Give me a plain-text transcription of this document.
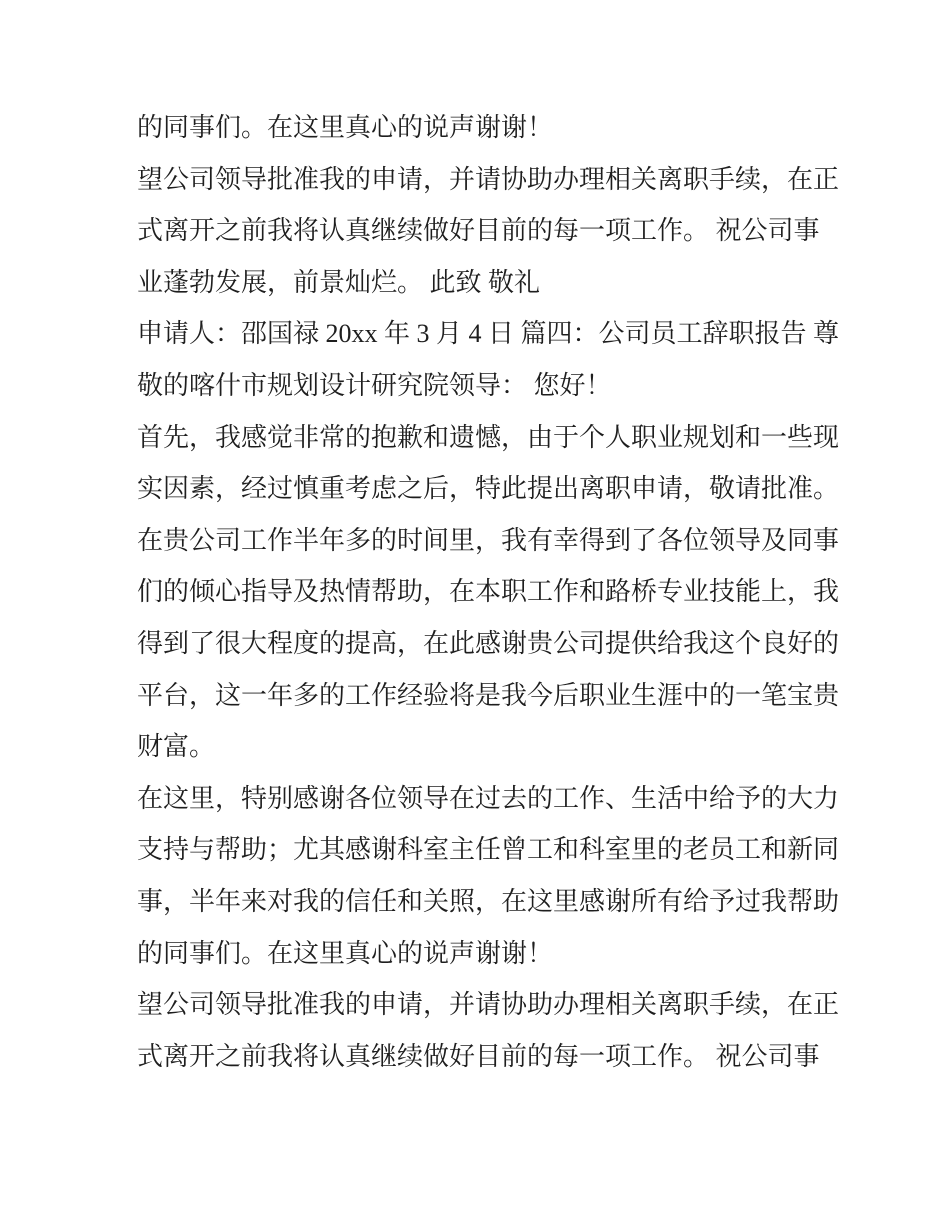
的同事们。在这里真心的说声谢谢！
望公司领导批准我的申请，并请协助办理相关离职手续，在正
式离开之前我将认真继续做好目前的每一项工作。 祝公司事
业蓬勃发展，前景灿烂。 此致 敬礼
申请人：邵国禄 20xx 年 3 月 4 日 篇四：公司员工辞职报告 尊
敬的喀什市规划设计研究院领导： 您好！
首先，我感觉非常的抱歉和遗憾，由于个人职业规划和一些现
实因素，经过慎重考虑之后，特此提出离职申请，敬请批准。
在贵公司工作半年多的时间里，我有幸得到了各位领导及同事
们的倾心指导及热情帮助，在本职工作和路桥专业技能上，我
得到了很大程度的提高，在此感谢贵公司提供给我这个良好的
平台，这一年多的工作经验将是我今后职业生涯中的一笔宝贵
财富。
在这里，特别感谢各位领导在过去的工作、生活中给予的大力
支持与帮助；尤其感谢科室主任曾工和科室里的老员工和新同
事，半年来对我的信任和关照，在这里感谢所有给予过我帮助
的同事们。在这里真心的说声谢谢！
望公司领导批准我的申请，并请协助办理相关离职手续，在正
式离开之前我将认真继续做好目前的每一项工作。 祝公司事
